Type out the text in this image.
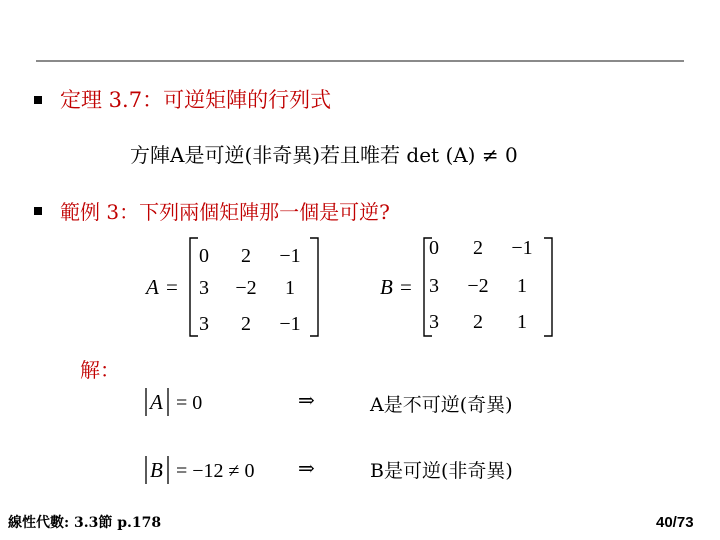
定理 3.7：可逆矩陣的行列式
方陣A是可逆(非奇異)若且唯若 det (A) ≠ 0
範例 3：下列兩個矩陣那一個是可逆?
A =
0 2 −1
3 −2 1
3 2 −1
B =
0 2 −1
3 −2 1
3 2 1
解：
A = 0	⇒	A是不可逆(奇異)
B = −12 ≠ 0 ⇒	B是可逆(非奇異)
線性代數: 3.3節 p.178	40/73
